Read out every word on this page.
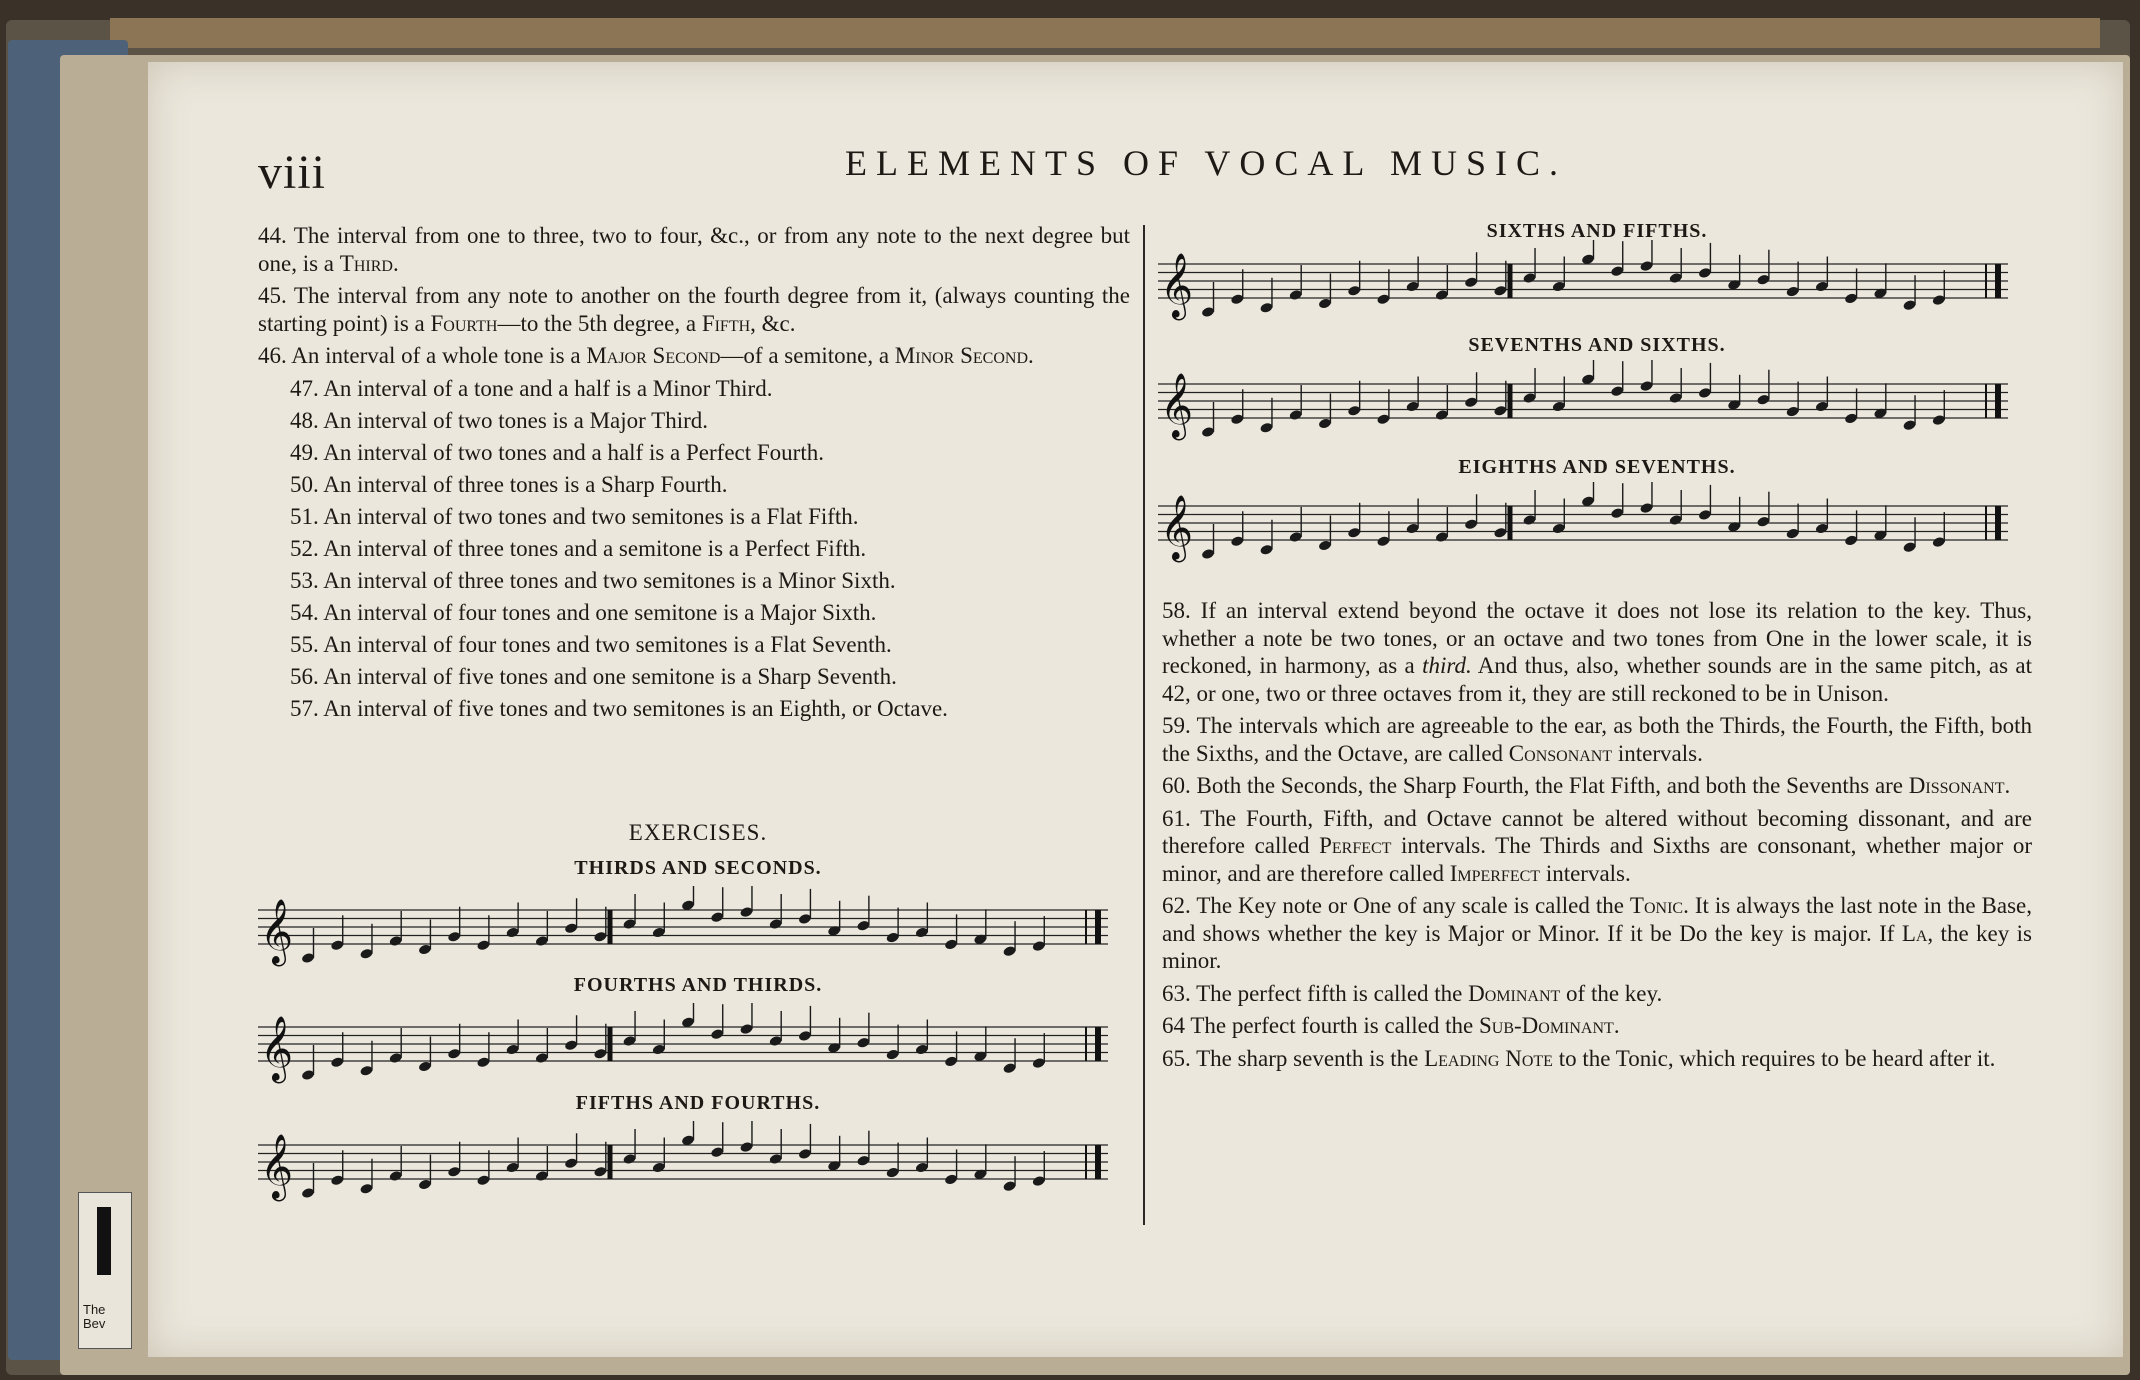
The Bev
viii	ELEMENTS OF VOCAL MUSIC.

44. The interval from one to three, two to four, &c., or from any note to the next degree but one, is a Third.

45. The interval from any note to another on the fourth degree from it, (always counting the starting point) is a Fourth—to the 5th degree, a Fifth, &c.

46. An interval of a whole tone is a Major Second—of a semitone, a Minor Second.

47. An interval of a tone and a half is a Minor Third.
48. An interval of two tones is a Major Third.
49. An interval of two tones and a half is a Perfect Fourth.
50. An interval of three tones is a Sharp Fourth.
51. An interval of two tones and two semitones is a Flat Fifth.
52. An interval of three tones and a semitone is a Perfect Fifth.
53. An interval of three tones and two semitones is a Minor Sixth.
54. An interval of four tones and one semitone is a Major Sixth.
55. An interval of four tones and two semitones is a Flat Seventh.
56. An interval of five tones and one semitone is a Sharp Seventh.
57. An interval of five tones and two semitones is an Eighth, or Octave.
EXERCISES.
THIRDS AND SECONDS.
𝄞
FOURTHS AND THIRDS.
𝄞
FIFTHS AND FOURTHS.
𝄞
SIXTHS AND FIFTHS.
𝄞
SEVENTHS AND SIXTHS.
𝄞
EIGHTHS AND SEVENTHS.
𝄞

58. If an interval extend beyond the octave it does not lose its relation to the key. Thus, whether a note be two tones, or an octave and two tones from One in the lower scale, it is reckoned, in harmony, as a third. And thus, also, whether sounds are in the same pitch, as at 42, or one, two or three octaves from it, they are still reckoned to be in Unison.

59. The intervals which are agreeable to the ear, as both the Thirds, the Fourth, the Fifth, both the Sixths, and the Octave, are called Consonant intervals.

60. Both the Seconds, the Sharp Fourth, the Flat Fifth, and both the Sevenths are Dissonant.

61. The Fourth, Fifth, and Octave cannot be altered without becoming dissonant, and are therefore called Perfect intervals. The Thirds and Sixths are consonant, whether major or minor, and are therefore called Imperfect intervals.

62. The Key note or One of any scale is called the Tonic. It is always the last note in the Base, and shows whether the key is Major or Minor. If it be Do the key is major. If La, the key is minor.

63. The perfect fifth is called the Dominant of the key.

64 The perfect fourth is called the Sub-Dominant.

65. The sharp seventh is the Leading Note to the Tonic, which requires to be heard after it.
